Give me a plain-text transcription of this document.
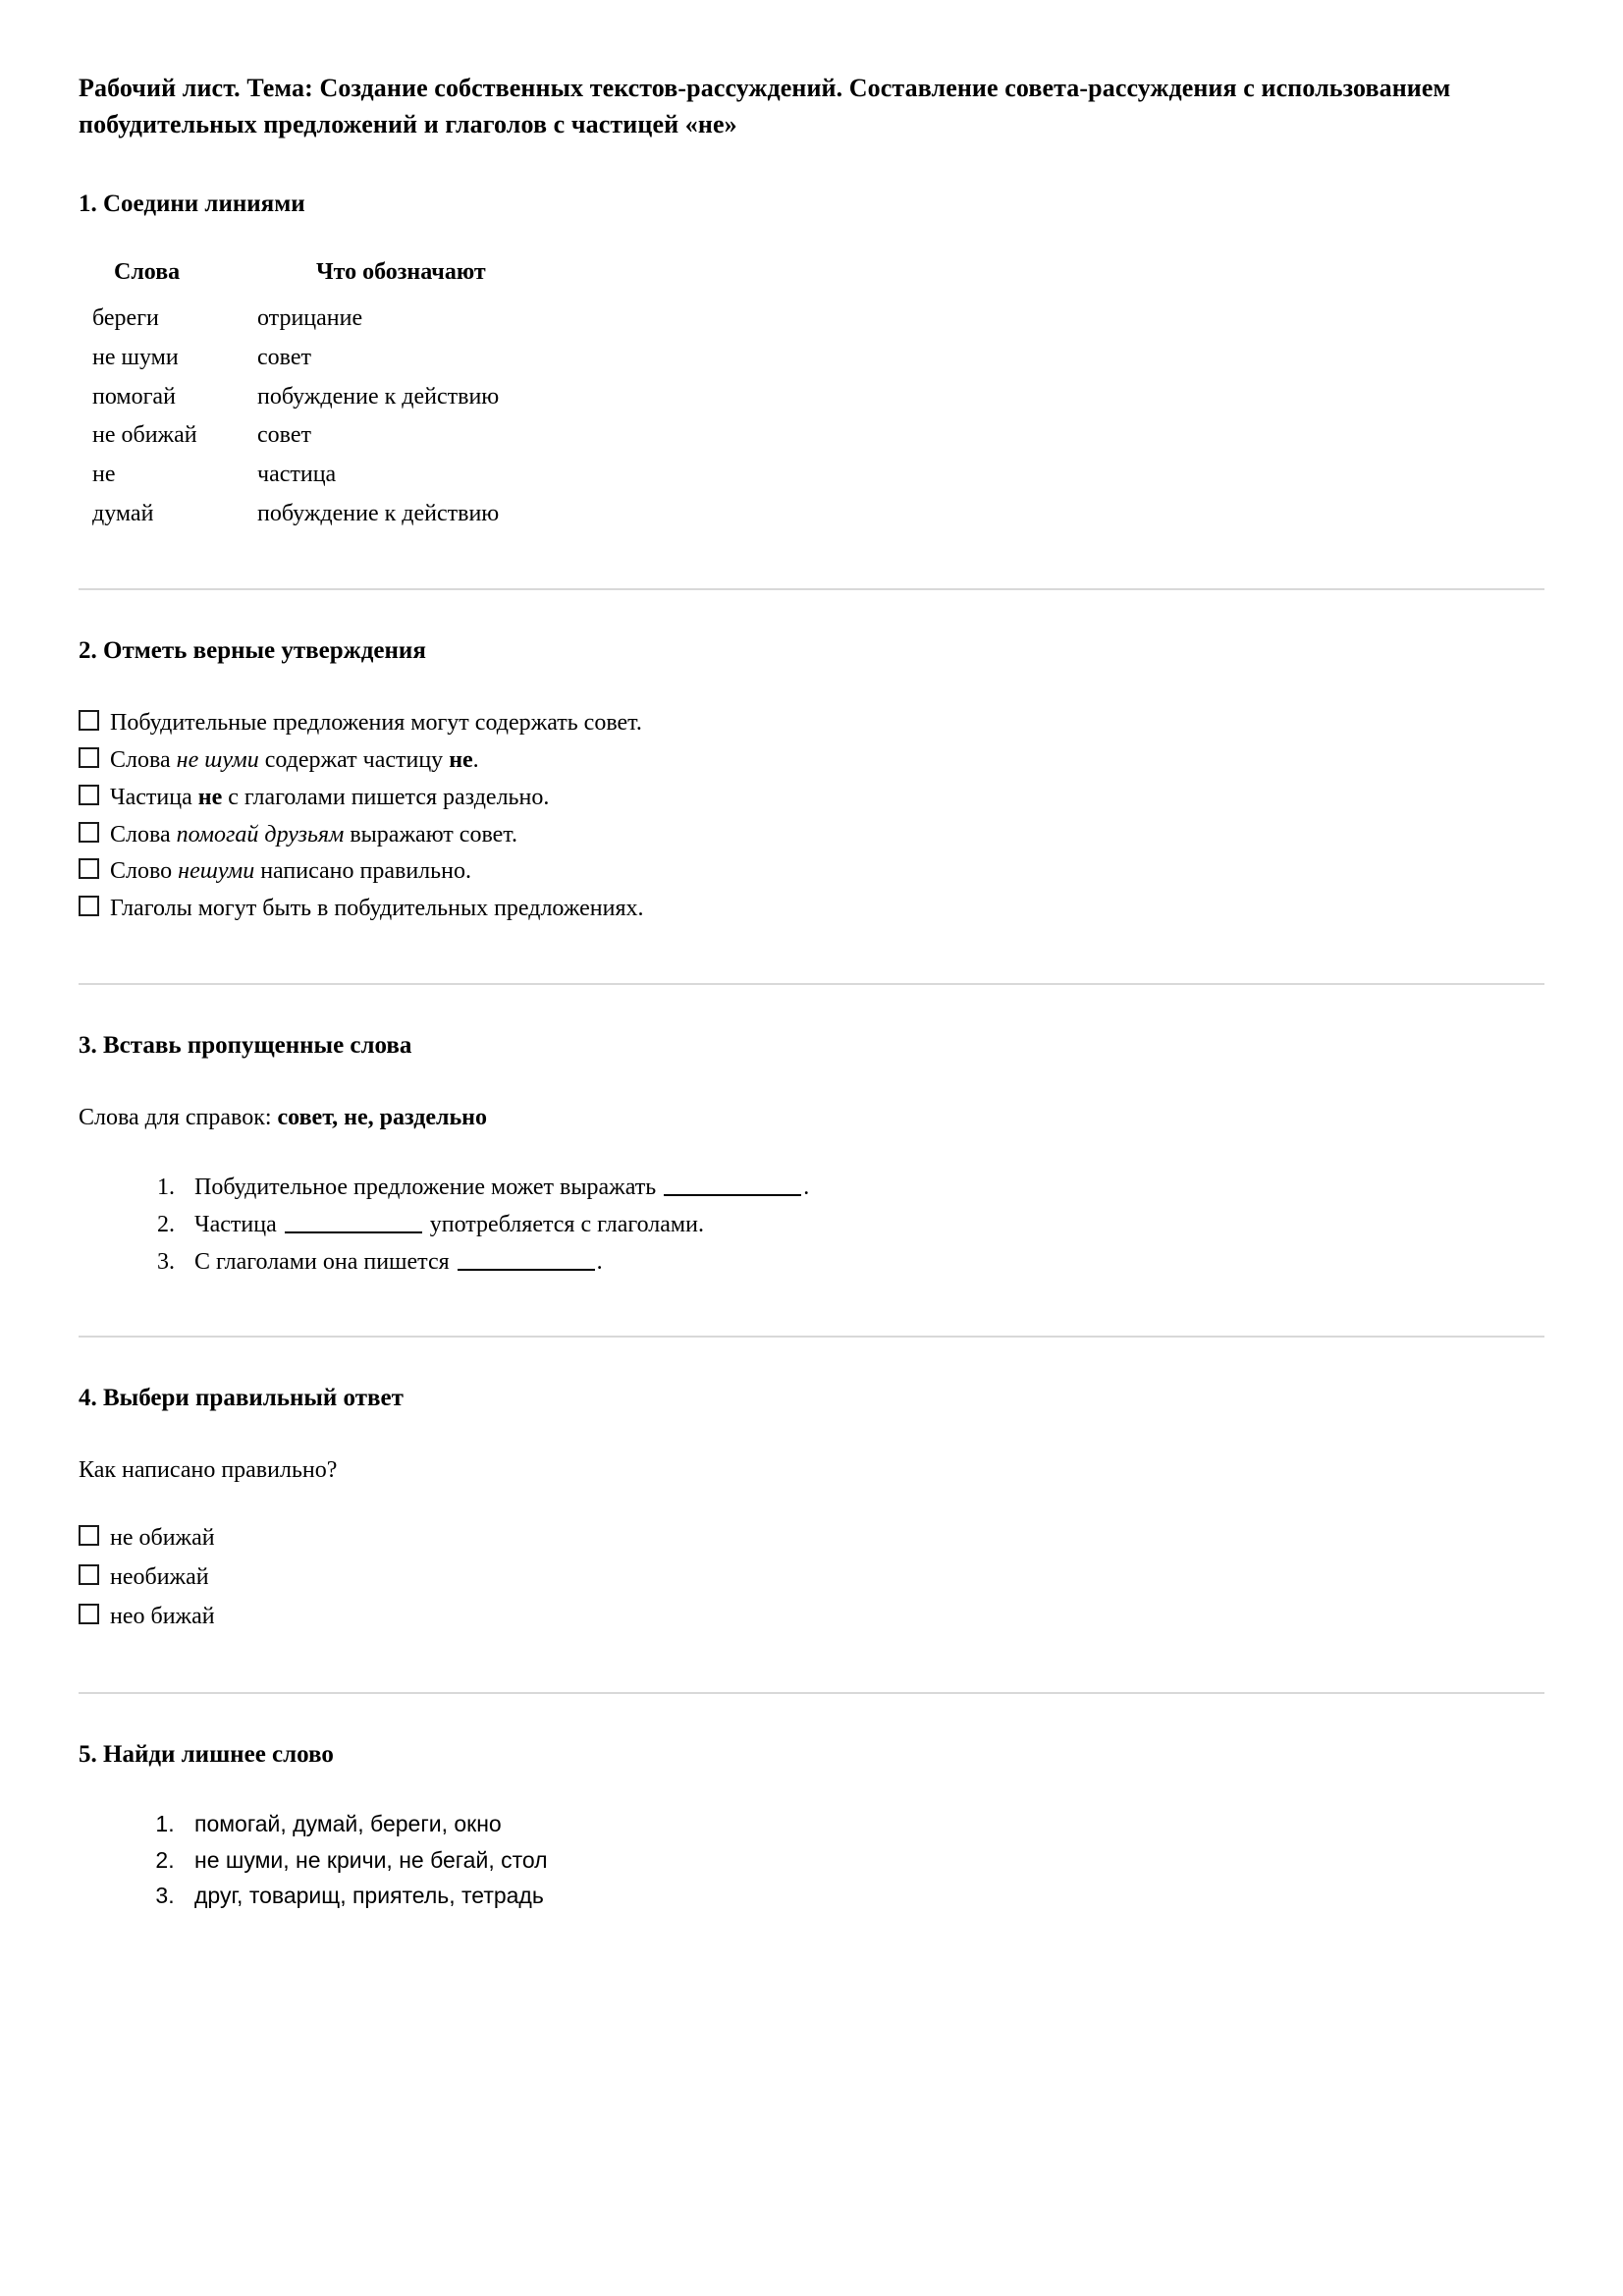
Рабочий лист. Тема: Создание собственных текстов-рассуждений. Составление совета-рассуждения с использованием побудительных предложений и глаголов с частицей «не»
1. Соедини линиями
Слова	Что обозначают
береги	отрицание
не шуми	совет
помогай	побуждение к действию
не обижай	совет
не	частица
думай	побуждение к действию
2. Отметь верные утверждения
Побудительные предложения могут содержать совет.
Слова не шуми содержат частицу не.
Частица не с глаголами пишется раздельно.
Слова помогай друзьям выражают совет.
Слово нешуми написано правильно.
Глаголы могут быть в побудительных предложениях.
3. Вставь пропущенные слова

Слова для справок: совет, не, раздельно

1. Побудительное предложение может выражать	.
2. Частица	употребляется с глаголами.
3. С глаголами она пишется	.
4. Выбери правильный ответ

Как написано правильно?

не обижай
необижай
нео бижай
5. Найди лишнее слово
1. помогай, думай, береги, окно
2. не шуми, не кричи, не бегай, стол
3. друг, товарищ, приятель, тетрадь
